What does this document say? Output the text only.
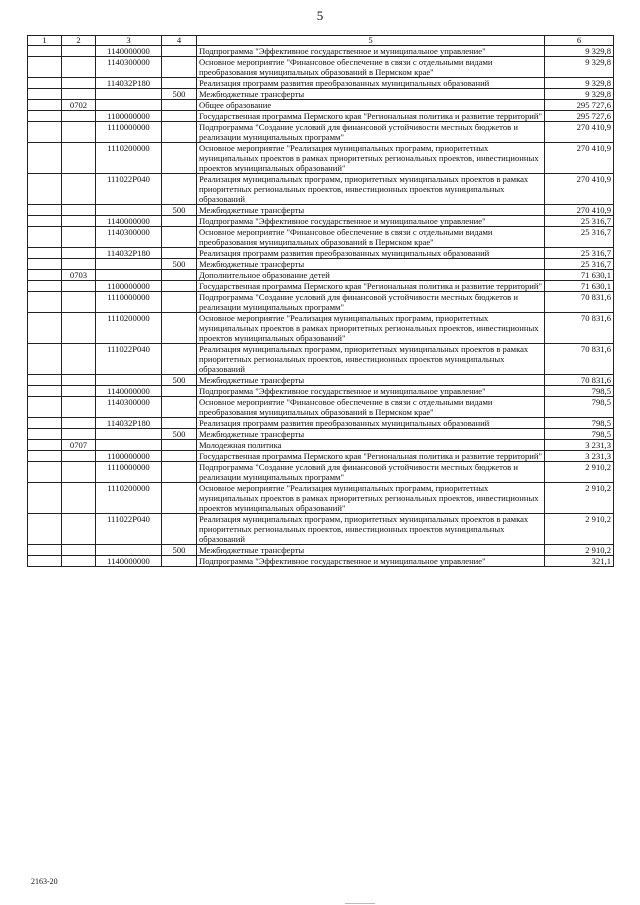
5
1	2	3	4	5	6
		1140000000		Подпрограмма "Эффективное государственное и муниципальное управление"	9 329,8
		1140300000		Основное мероприятие "Финансовое обеспечение в связи с отдельными видами преобразования муниципальных образований в Пермском крае"	9 329,8
		114032Р180		Реализация программ развития преобразованных муниципальных образований	9 329,8
			500	Межбюджетные трансферты	9 329,8
	0702			Общее образование	295 727,6
		1100000000		Государственная программа Пермского края "Региональная политика и развитие территорий"	295 727,6
		1110000000		Подпрограмма "Создание условий для финансовой устойчивости местных бюджетов и реализации муниципальных программ"	270 410,9
		1110200000		Основное мероприятие "Реализация муниципальных программ, приоритетных муниципальных проектов в рамках приоритетных региональных проектов, инвестиционных проектов муниципальных образований"	270 410,9
		111022Р040		Реализация муниципальных программ, приоритетных муниципальных проектов в рамках приоритетных региональных проектов, инвестиционных проектов муниципальных образований	270 410,9
			500	Межбюджетные трансферты	270 410,9
		1140000000		Подпрограмма "Эффективное государственное и муниципальное управление"	25 316,7
		1140300000		Основное мероприятие "Финансовое обеспечение в связи с отдельными видами преобразования муниципальных образований в Пермском крае"	25 316,7
		114032Р180		Реализация программ развития преобразованных муниципальных образований	25 316,7
			500	Межбюджетные трансферты	25 316,7
	0703			Дополнительное образование детей	71 630,1
		1100000000		Государственная программа Пермского края "Региональная политика и развитие территорий"	71 630,1
		1110000000		Подпрограмма "Создание условий для финансовой устойчивости местных бюджетов и реализации муниципальных программ"	70 831,6
		1110200000		Основное мероприятие "Реализация муниципальных программ, приоритетных муниципальных проектов в рамках приоритетных региональных проектов, инвестиционных проектов муниципальных образований"	70 831,6
		111022Р040		Реализация муниципальных программ, приоритетных муниципальных проектов в рамках приоритетных региональных проектов, инвестиционных проектов муниципальных образований	70 831,6
			500	Межбюджетные трансферты	70 831,6
		1140000000		Подпрограмма "Эффективное государственное и муниципальное управление"	798,5
		1140300000		Основное мероприятие "Финансовое обеспечение в связи с отдельными видами преобразования муниципальных образований в Пермском крае"	798,5
		114032Р180		Реализация программ развития преобразованных муниципальных образований	798,5
			500	Межбюджетные трансферты	798,5
	0707			Молодежная политика	3 231,3
		1100000000		Государственная программа Пермского края "Региональная политика и развитие территорий"	3 231,3
		1110000000		Подпрограмма "Создание условий для финансовой устойчивости местных бюджетов и реализации муниципальных программ"	2 910,2
		1110200000		Основное мероприятие "Реализация муниципальных программ, приоритетных муниципальных проектов в рамках приоритетных региональных проектов, инвестиционных проектов муниципальных образований"	2 910,2
		111022Р040		Реализация муниципальных программ, приоритетных муниципальных проектов в рамках приоритетных региональных проектов, инвестиционных проектов муниципальных образований	2 910,2
			500	Межбюджетные трансферты	2 910,2
		1140000000		Подпрограмма "Эффективное государственное и муниципальное управление"	321,1
2163-20
